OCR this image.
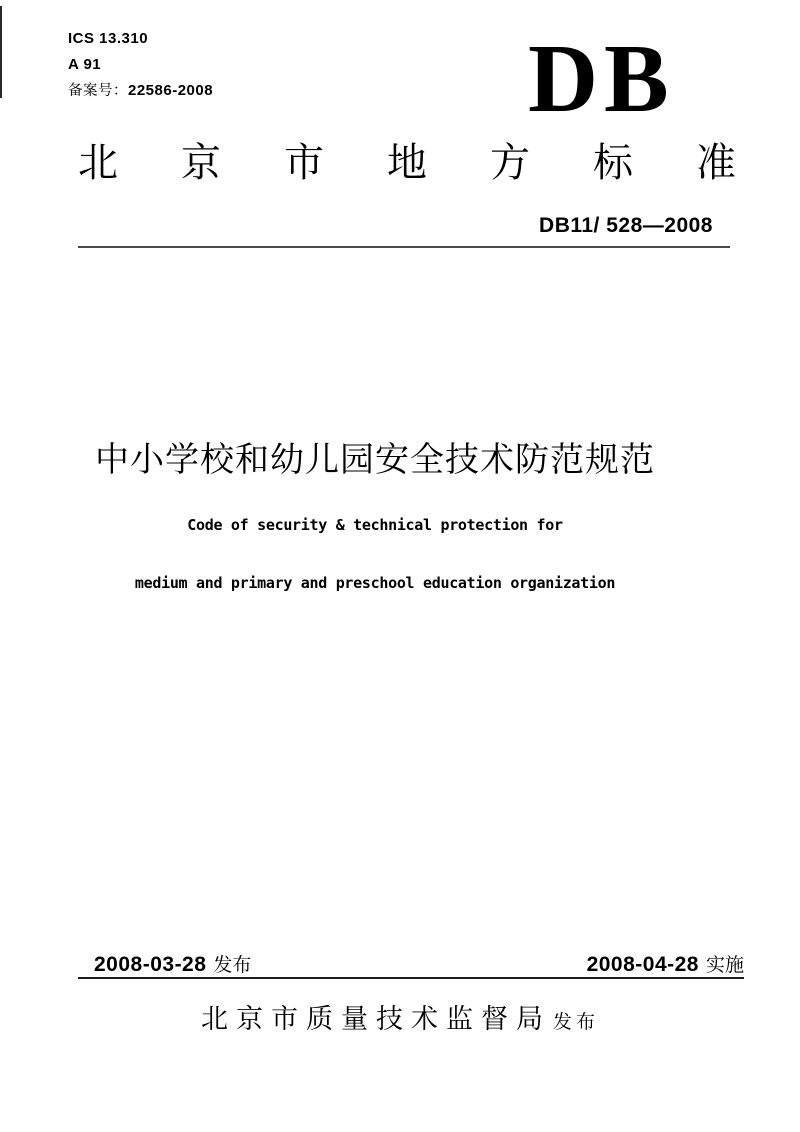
ICS 13.310
A 91
备案号：22586-2008	DB
北京市地方标准
DB11/ 528—2008
中小学校和幼儿园安全技术防范规范
Code of security & technical protection for
medium and primary and preschool education organization
2008-03-28 发布	2008-04-28 实施
北京市质量技术监督局 发布
